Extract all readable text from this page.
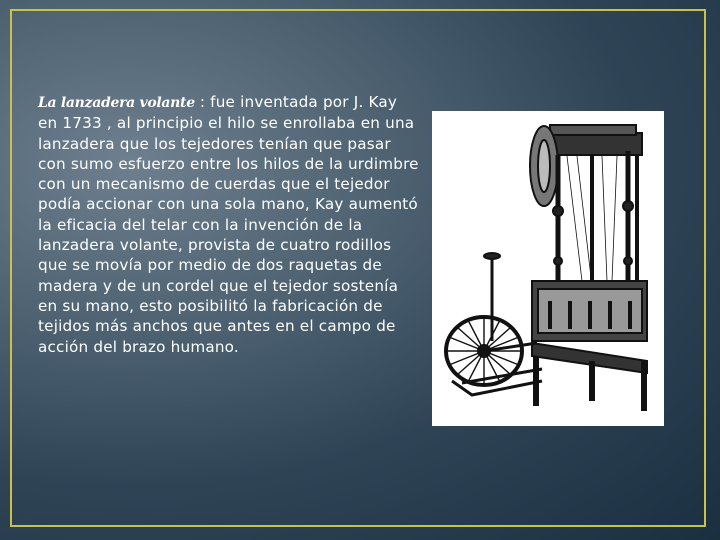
La lanzadera volante : fue inventada por J. Kay en 1733 , al principio el hilo se enrollaba en una lanzadera que los tejedores tenían que pasar con sumo esfuerzo entre los hilos de la urdimbre con un mecanismo de cuerdas que el tejedor podía accionar con una sola mano, Kay aumentó la eficacia del telar con la invención de la lanzadera volante, provista de cuatro rodillos que se movía por medio de dos raquetas de madera y de un cordel que el tejedor sostenía en su mano, esto posibilitó la fabricación de tejidos más anchos que antes en el campo de acción del brazo humano.
